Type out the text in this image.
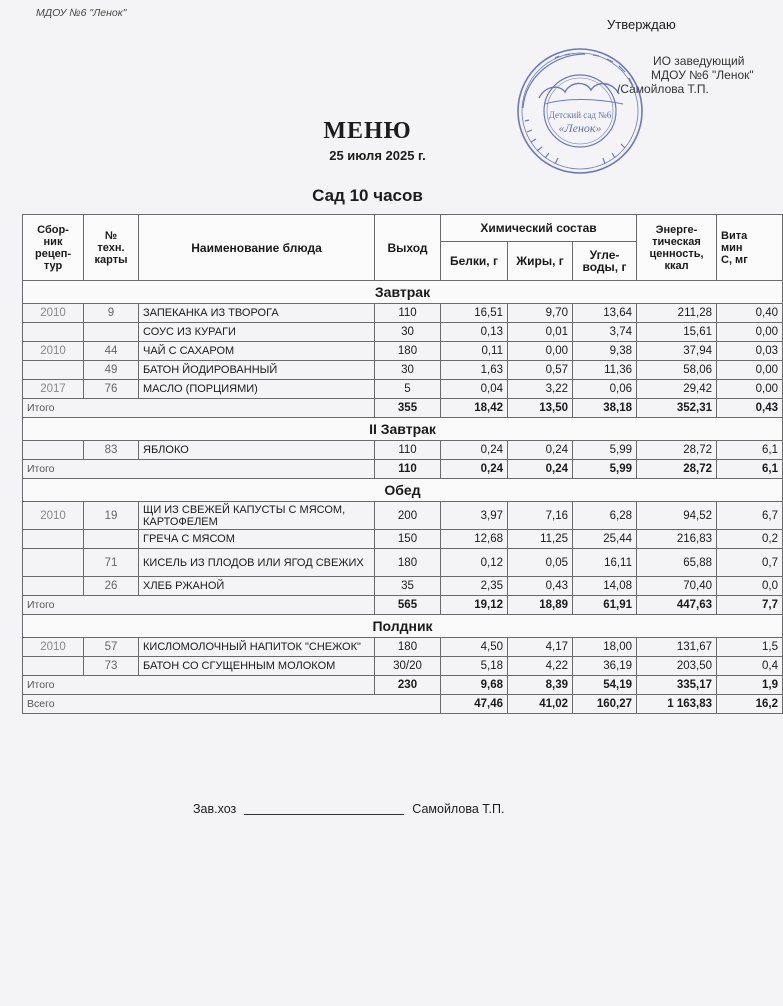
МДОУ №6 "Ленок"
Утверждаю
ИО заведующий
МДОУ №6 "Ленок"
/Самойлова Т.П.
Детский сад №6
«Ленок»
МЕНЮ
25 июля 2025 г.
Сад 10 часов
Сбор-
ник
рецеп-
тур	№
техн.
карты	Наименование блюда	Выход	Химический состав			Энерге-
тическая
ценность,
ккал	Вита
мин
С, мг
				Белки, г	Жиры, г	Угле-
воды, г		
Завтрак								
2010	9	ЗАПЕКАНКА ИЗ ТВОРОГА	110	16,51	9,70	13,64	211,28	0,40
		СОУС ИЗ КУРАГИ	30	0,13	0,01	3,74	15,61	0,00
2010	44	ЧАЙ С САХАРОМ	180	0,11	0,00	9,38	37,94	0,03
	49	БАТОН ЙОДИРОВАННЫЙ	30	1,63	0,57	11,36	58,06	0,00
2017	76	МАСЛО (ПОРЦИЯМИ)	5	0,04	3,22	0,06	29,42	0,00
Итого			355	18,42	13,50	38,18	352,31	0,43
II Завтрак								
	83	ЯБЛОКО	110	0,24	0,24	5,99	28,72	6,1
Итого			110	0,24	0,24	5,99	28,72	6,1
Обед								
2010	19	ЩИ ИЗ СВЕЖЕЙ КАПУСТЫ С МЯСОМ, КАРТОФЕЛЕМ	200	3,97	7,16	6,28	94,52	6,7
		ГРЕЧА С МЯСОМ	150	12,68	11,25	25,44	216,83	0,2
	71	КИСЕЛЬ ИЗ ПЛОДОВ ИЛИ ЯГОД СВЕЖИХ	180	0,12	0,05	16,11	65,88	0,7
	26	ХЛЕБ РЖАНОЙ	35	2,35	0,43	14,08	70,40	0,0
Итого			565	19,12	18,89	61,91	447,63	7,7
Полдник								
2010	57	КИСЛОМОЛОЧНЫЙ НАПИТОК "СНЕЖОК"	180	4,50	4,17	18,00	131,67	1,5
	73	БАТОН СО СГУЩЕННЫМ МОЛОКОМ	30/20	5,18	4,22	36,19	203,50	0,4
Итого			230	9,68	8,39	54,19	335,17	1,9
Всего				47,46	41,02	160,27	1 163,83	16,2
Зав.хоз	Самойлова Т.П.
